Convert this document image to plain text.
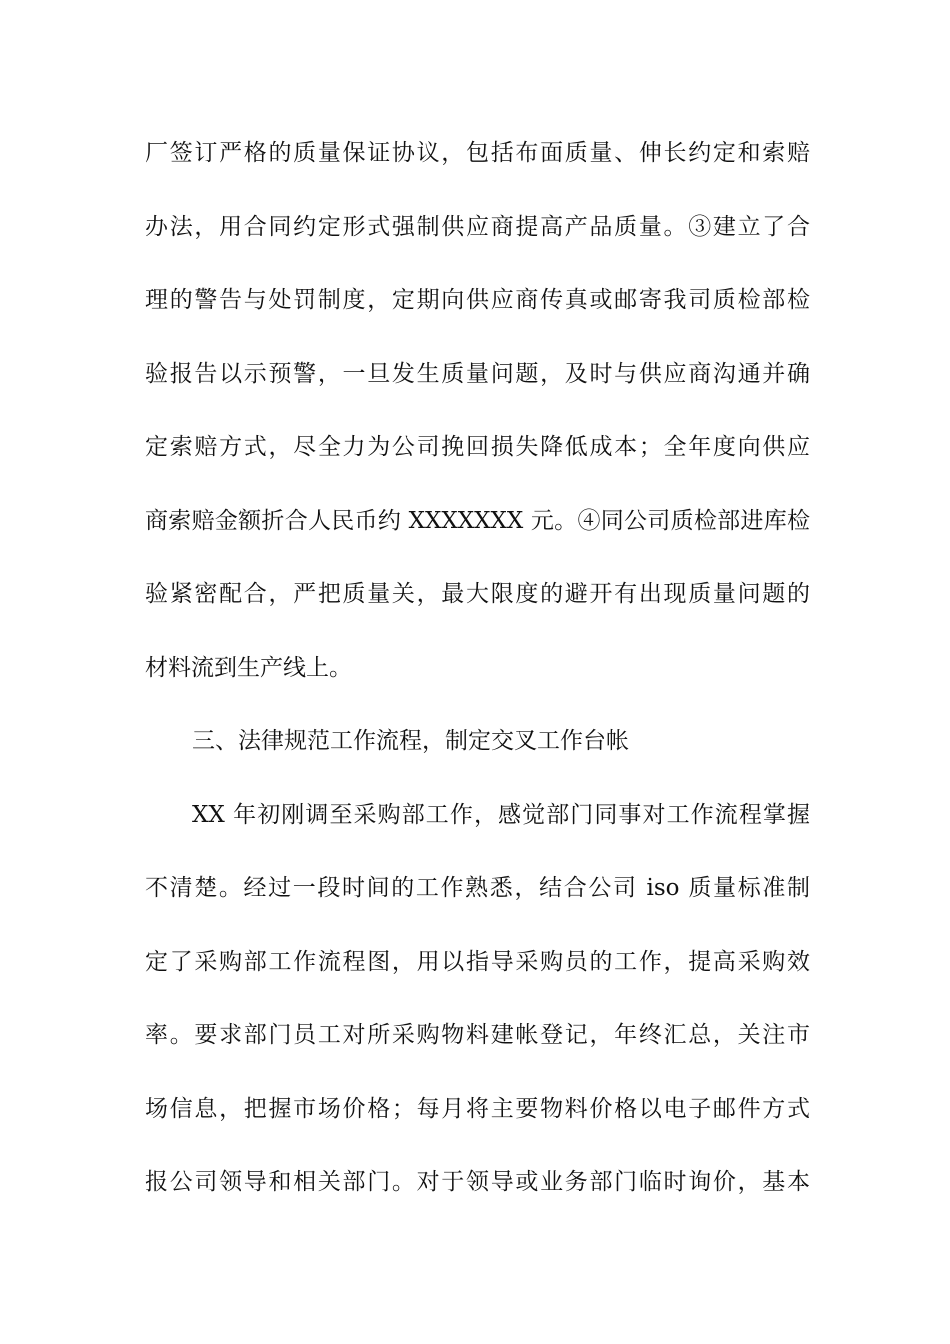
厂签订严格的质量保证协议，包括布面质量、伸长约定和索赔
办法，用合同约定形式强制供应商提高产品质量。③建立了合
理的警告与处罚制度，定期向供应商传真或邮寄我司质检部检
验报告以示预警，一旦发生质量问题，及时与供应商沟通并确
定索赔方式，尽全力为公司挽回损失降低成本；全年度向供应
商索赔金额折合人民币约 XXXXXXX 元。④同公司质检部进库检
验紧密配合，严把质量关，最大限度的避开有出现质量问题的
材料流到生产线上。
三、法律规范工作流程，制定交叉工作台帐
XX 年初刚调至采购部工作，感觉部门同事对工作流程掌握
不清楚。经过一段时间的工作熟悉，结合公司 iso 质量标准制
定了采购部工作流程图，用以指导采购员的工作，提高采购效
率。要求部门员工对所采购物料建帐登记，年终汇总，关注市
场信息，把握市场价格；每月将主要物料价格以电子邮件方式
报公司领导和相关部门。对于领导或业务部门临时询价，基本
